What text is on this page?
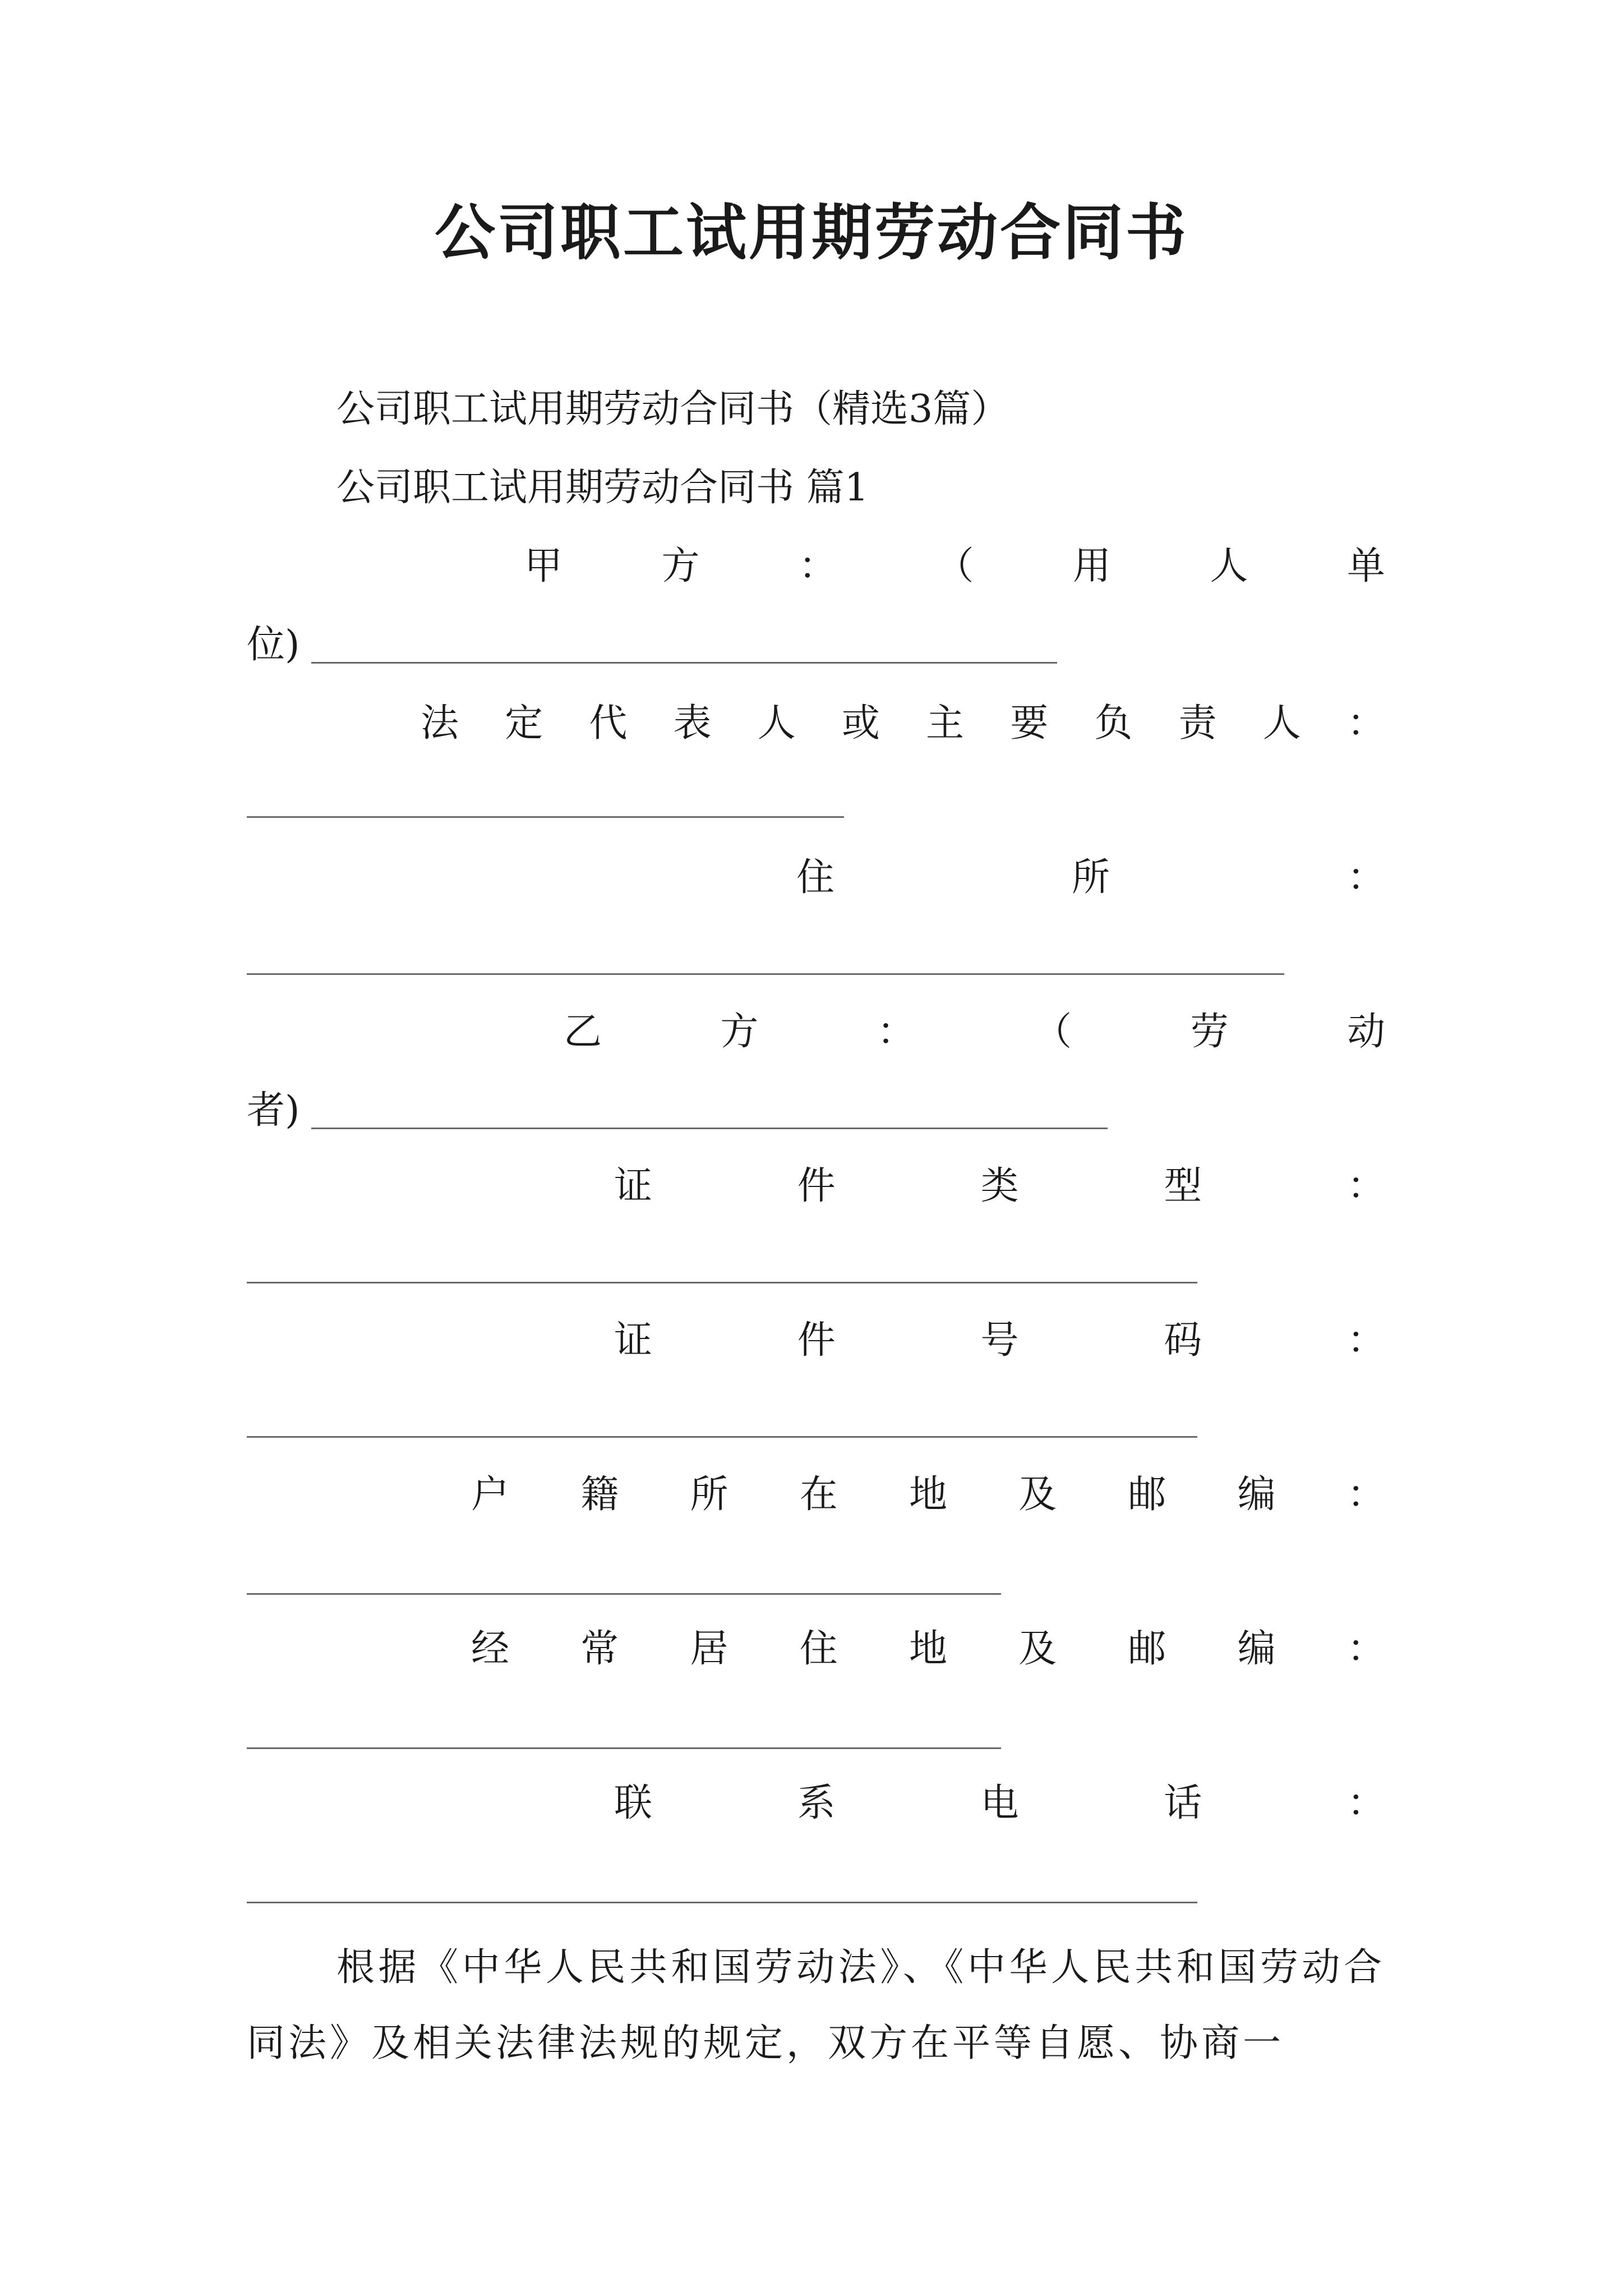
公司职工试用期劳动合同书
公司职工试用期劳动合同书（精选3篇）
公司职工试用期劳动合同书 篇1
甲	方	：	（	用	人	单
位)
法 定 代 表 人 或 主 要 负 责 人 ：
住	所	：
乙	方	：	（	劳	动
者)
证	件	类	型	：
证	件	号	码	：
户 籍 所 在 地 及 邮 编 ：
经 常 居 住 地 及 邮 编 ：
联	系	电	话	：
根据《中华人民共和国劳动法》、《中华人民共和国劳动合同法》及相关法律法规的规定，双方在平等自愿、协商一
